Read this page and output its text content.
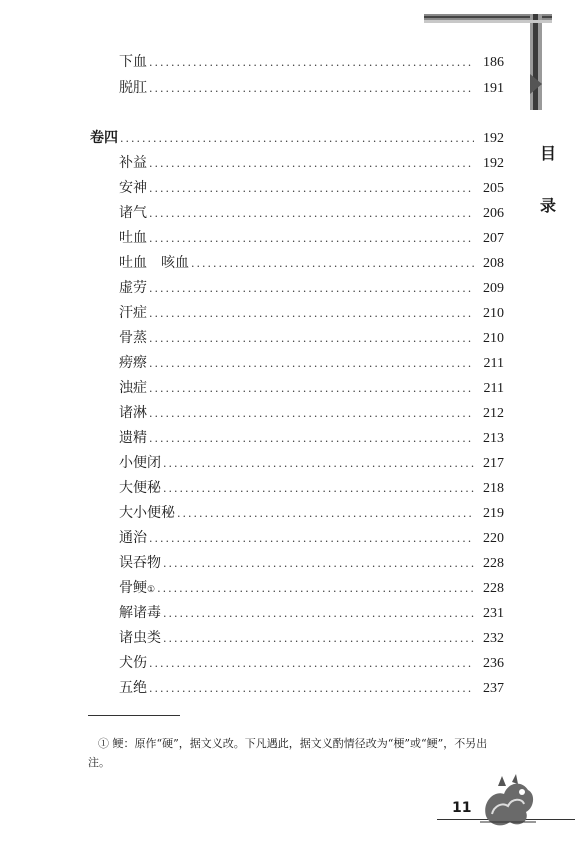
目
录
下血 .....	186
脱肛 .....	191
卷四 .....	192
补益 .....	192
安神 .....	205
诸气 .....	206
吐血 .....	207
吐血　咳血 .....	208
虚劳 .....	209
汗症 .....	210
骨蒸 .....	210
痨瘵 .....	211
浊症 .....	211
诸淋 .....	212
遗精 .....	213
小便闭 .....	217
大便秘 .....	218
大小便秘 .....	219
通治 .....	220
误吞物 .....	228
骨鲠 ① .....	228
解诸毒 .....	231
诸虫类 .....	232
犬伤 .....	236
五绝 .....	237
① 鲠：原作“硬”，据文义改。下凡遇此，据文义酌情径改为“梗”或“鲠”，不另出注。
11
